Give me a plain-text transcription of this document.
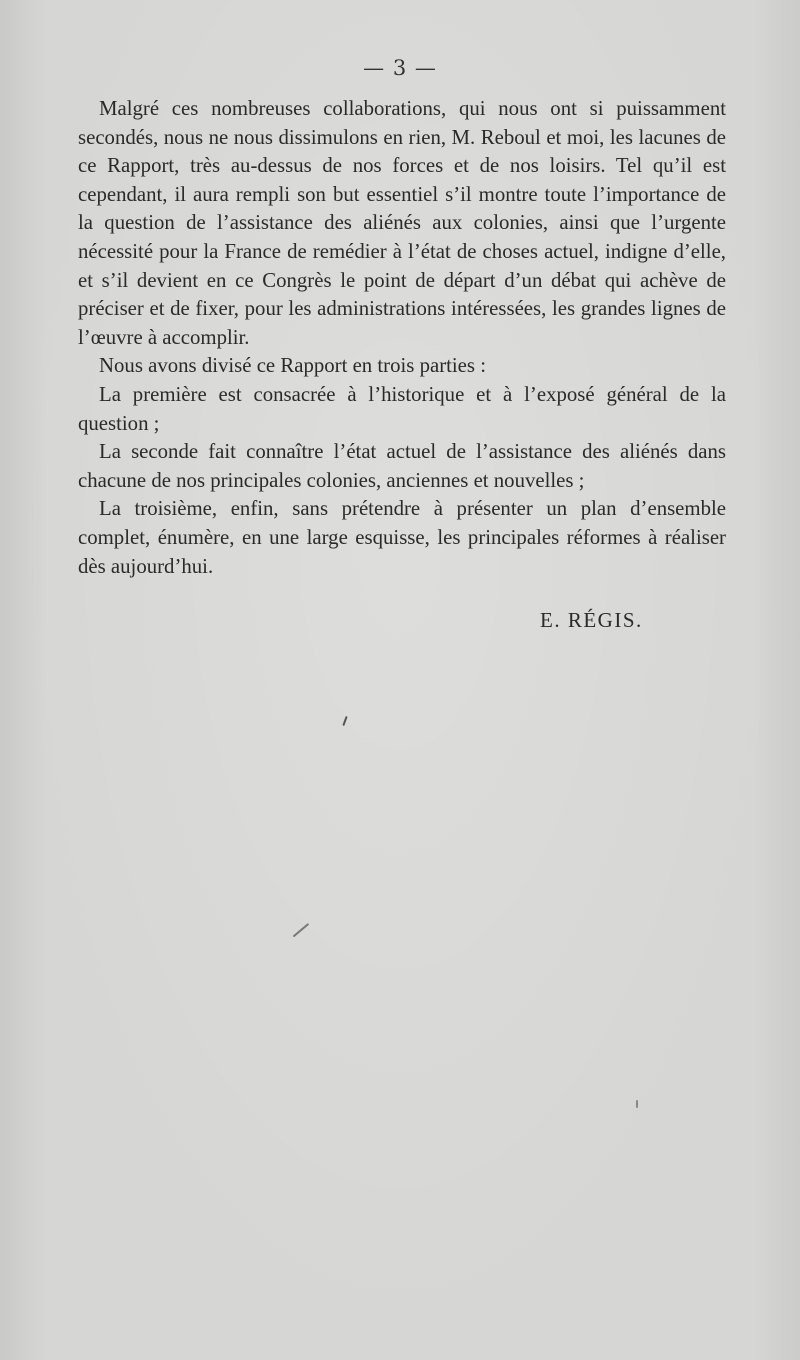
— 3 —

Malgré ces nombreuses collaborations, qui nous ont si puissamment secondés, nous ne nous dissimulons en rien, M. Reboul et moi, les lacunes de ce Rapport, très au-dessus de nos forces et de nos loisirs. Tel qu’il est cependant, il aura rempli son but essentiel s’il montre toute l’importance de la question de l’assistance des aliénés aux colonies, ainsi que l’urgente nécessité pour la France de remédier à l’état de choses actuel, indigne d’elle, et s’il devient en ce Congrès le point de départ d’un débat qui achève de préciser et de fixer, pour les administrations intéressées, les grandes lignes de l’œuvre à accomplir.

Nous avons divisé ce Rapport en trois parties :

La première est consacrée à l’historique et à l’exposé général de la question ;

La seconde fait connaître l’état actuel de l’assistance des aliénés dans chacune de nos principales colonies, anciennes et nouvelles ;

La troisième, enfin, sans prétendre à présenter un plan d’ensemble complet, énumère, en une large esquisse, les principales réformes à réaliser dès aujourd’hui.

E. RÉGIS.
